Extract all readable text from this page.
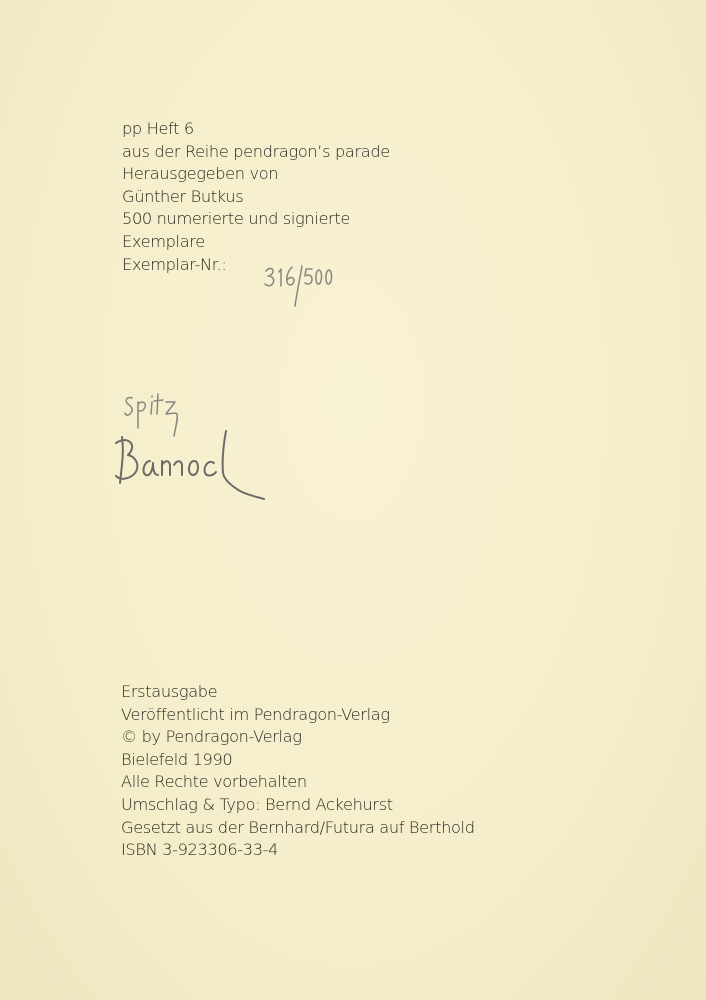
pp Heft 6
aus der Reihe pendragon’s parade
Herausgegeben von
Günther Butkus
500 numerierte und signierte
Exemplare
Exemplar-Nr.:
Erstausgabe
Veröffentlicht im Pendragon-Verlag
© by Pendragon-Verlag
Bielefeld 1990
Alle Rechte vorbehalten
Umschlag & Typo: Bernd Ackehurst
Gesetzt aus der Bernhard/Futura auf Berthold
ISBN 3-923306-33-4
